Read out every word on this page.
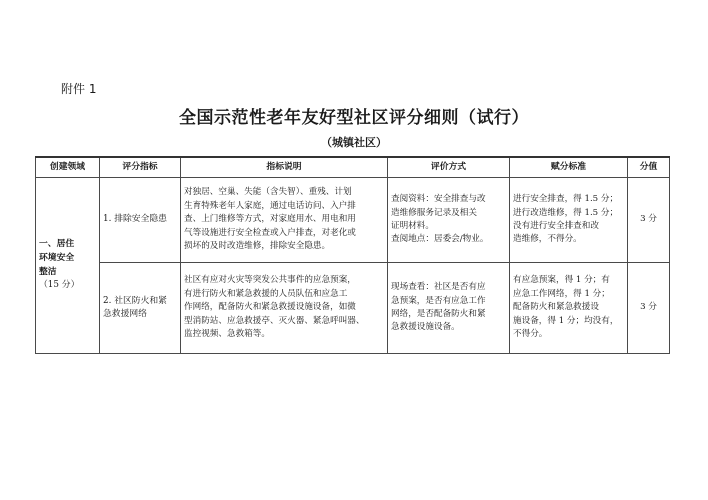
附件 1
全国示范性老年友好型社区评分细则（试行）
（城镇社区）
创建领域	评分指标	指标说明	评价方式	赋分标准	分值

一、居住
环境安全
整洁
（15 分）	1. 排除安全隐患	对独居、空巢、失能（含失智）、重残、计划
生育特殊老年人家庭，通过电话访问、入户排
查、上门维修等方式，对家庭用水、用电和用
气等设施进行安全检查或入户排查，对老化或
损坏的及时改造维修，排除安全隐患。	查阅资料：安全排查与改
造维修服务记录及相关
证明材料。
查阅地点：居委会/物业。	进行安全排查，得 1.5 分；
进行改造维修，得 1.5 分；
没有进行安全排查和改
造维修，不得分。	3 分

	2. 社区防火和紧
急救援网络	社区有应对火灾等突发公共事件的应急预案，
有进行防火和紧急救援的人员队伍和应急工
作网络，配备防火和紧急救援设施设备，如微
型消防站、应急救援亭、灭火器、紧急呼叫器、
监控视频、急救箱等。	现场查看：社区是否有应
急预案，是否有应急工作
网络，是否配备防火和紧
急救援设施设备。	有应急预案，得 1 分；有
应急工作网络，得 1 分；
配备防火和紧急救援设
施设备，得 1 分；均没有，
不得分。	3 分
